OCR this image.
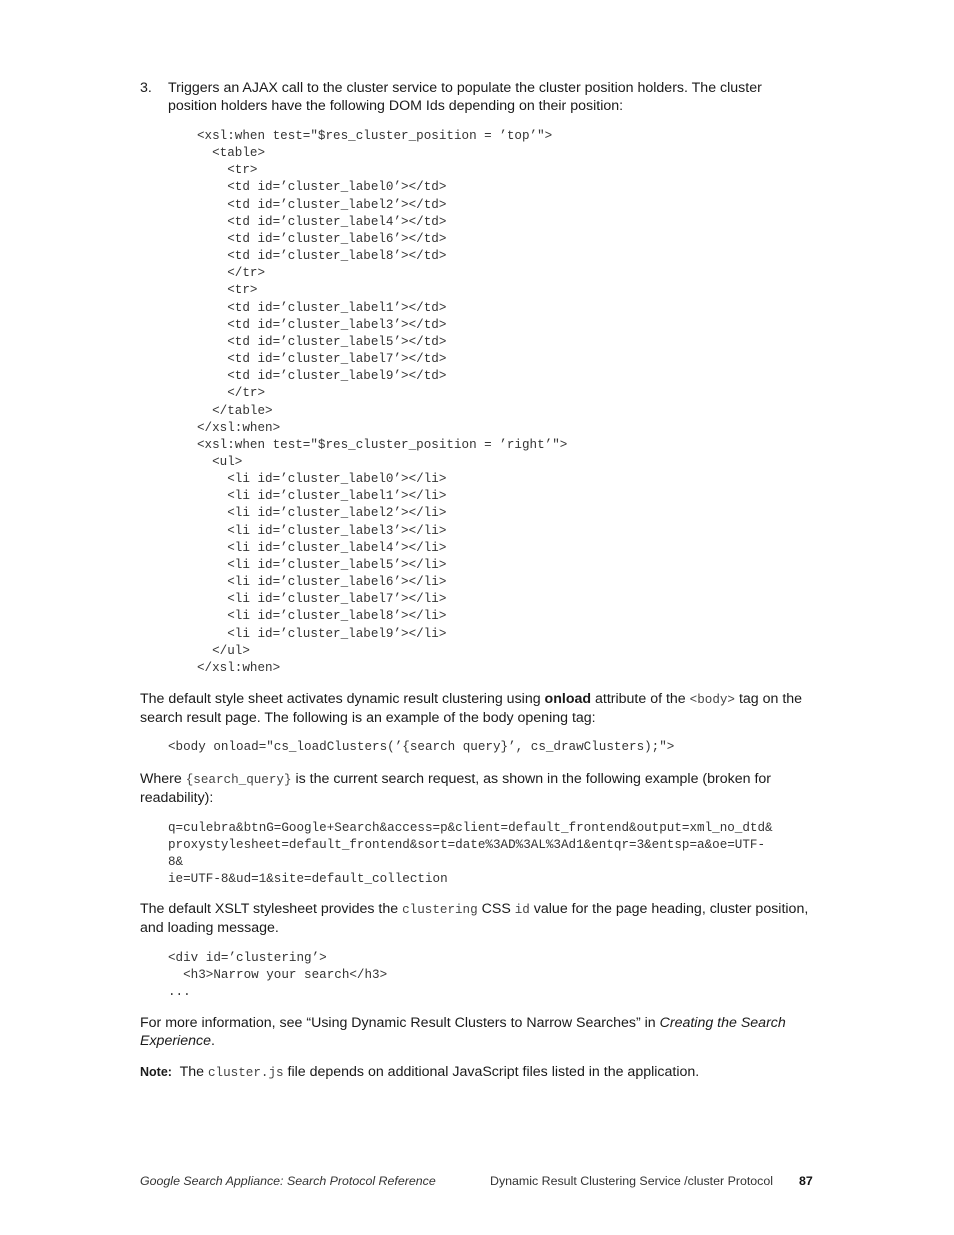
3. Triggers an AJAX call to the cluster service to populate the cluster position holders. The cluster position holders have the following DOM Ids depending on their position:
<xsl:when test="$res_cluster_position = ’top’">
<table>
<tr>
<td id=’cluster_label0’></td>
<td id=’cluster_label2’></td>
<td id=’cluster_label4’></td>
<td id=’cluster_label6’></td>
<td id=’cluster_label8’></td>
</tr>
<tr>
<td id=’cluster_label1’></td>
<td id=’cluster_label3’></td>
<td id=’cluster_label5’></td>
<td id=’cluster_label7’></td>
<td id=’cluster_label9’></td>
</tr>
</table>
</xsl:when>
<xsl:when test="$res_cluster_position = ’right’">
<ul>
<li id=’cluster_label0’></li>
<li id=’cluster_label1’></li>
<li id=’cluster_label2’></li>
<li id=’cluster_label3’></li>
<li id=’cluster_label4’></li>
<li id=’cluster_label5’></li>
<li id=’cluster_label6’></li>
<li id=’cluster_label7’></li>
<li id=’cluster_label8’></li>
<li id=’cluster_label9’></li>
</ul>
</xsl:when>
The default style sheet activates dynamic result clustering using onload attribute of the <body> tag on the search result page. The following is an example of the body opening tag:
<body onload="cs_loadClusters(’{search query}’, cs_drawClusters);">
Where {search_query} is the current search request, as shown in the following example (broken for readability):
q=culebra&btnG=Google+Search&access=p&client=default_frontend&output=xml_no_dtd&
proxystylesheet=default_frontend&sort=date%3AD%3AL%3Ad1&entqr=3&entsp=a&oe=UTF-
8&
ie=UTF-8&ud=1&site=default_collection
The default XSLT stylesheet provides the clustering CSS id value for the page heading, cluster position, and loading message.
<div id=’clustering’>
<h3>Narrow your search</h3>
...
For more information, see “Using Dynamic Result Clusters to Narrow Searches” in Creating the Search Experience.
Note: The cluster.js file depends on additional JavaScript files listed in the application.
Google Search Appliance: Search Protocol Reference	Dynamic Result Clustering Service /cluster Protocol 87
